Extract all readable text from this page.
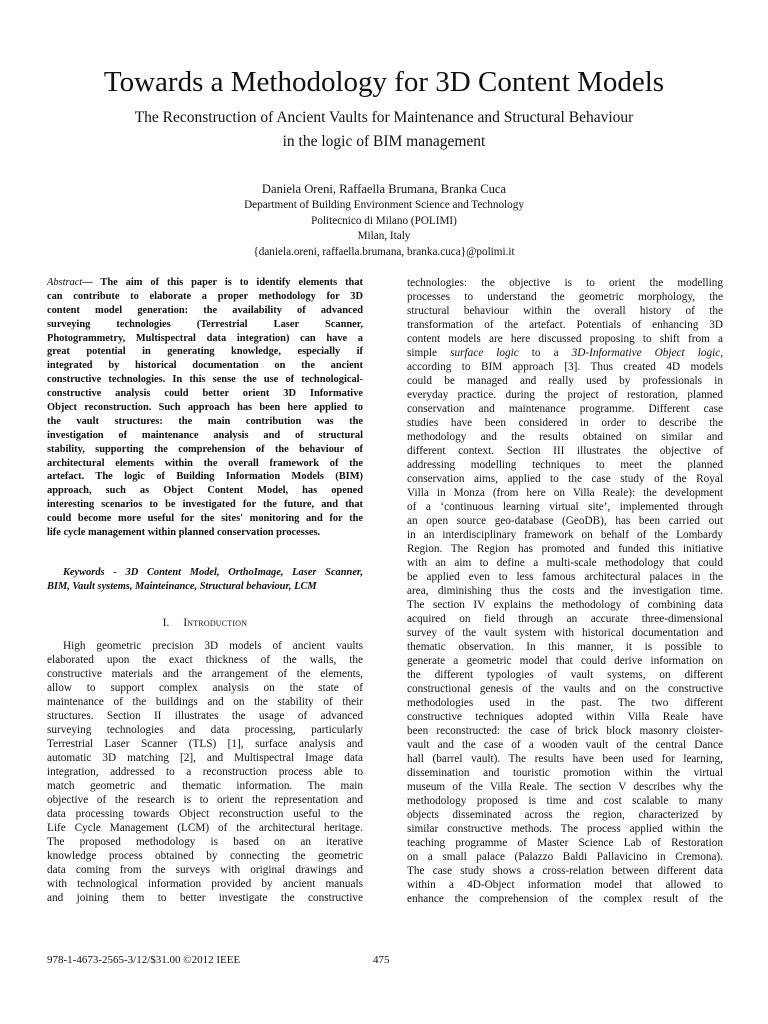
Towards a Methodology for 3D Content Models
The Reconstruction of Ancient Vaults for Maintenance and Structural Behaviour
in the logic of BIM management
Daniela Oreni, Raffaella Brumana, Branka Cuca
Department of Building Environment Science and Technology
Politecnico di Milano (POLIMI)
Milan, Italy
{daniela.oreni, raffaella.brumana, branka.cuca}@polimi.it
Abstract— The aim of this paper is to identify elements that
can contribute to elaborate a proper methodology for 3D
content model generation: the availability of advanced
surveying technologies (Terrestrial Laser Scanner,
Photogrammetry, Multispectral data integration) can have a
great potential in generating knowledge, especially if
integrated by historical documentation on the ancient
constructive technologies. In this sense the use of technological-
constructive analysis could better orient 3D Informative
Object reconstruction. Such approach has been here applied to
the vault structures: the main contribution was the
investigation of maintenance analysis and of structural
stability, supporting the comprehension of the behaviour of
architectural elements within the overall framework of the
artefact. The logic of Building Information Models (BIM)
approach, such as Object Content Model, has opened
interesting scenarios to be investigated for the future, and that
could become more useful for the sites' monitoring and for the
life cycle management within planned conservation processes.
Keywords - 3D Content Model, OrthoImage, Laser Scanner,
BIM, Vault systems, Mainteinance, Structural behaviour, LCM
I. Introduction
High geometric precision 3D models of ancient vaults
elaborated upon the exact thickness of the walls, the
constructive materials and the arrangement of the elements,
allow to support complex analysis on the state of
maintenance of the buildings and on the stability of their
structures. Section II illustrates the usage of advanced
surveying technologies and data processing, particularly
Terrestrial Laser Scanner (TLS) [1], surface analysis and
automatic 3D matching [2], and Multispectral Image data
integration, addressed to a reconstruction process able to
match geometric and thematic information. The main
objective of the research is to orient the representation and
data processing towards Object reconstruction useful to the
Life Cycle Management (LCM) of the architectural heritage.
The proposed methodology is based on an iterative
knowledge process obtained by connecting the geometric
data coming from the surveys with original drawings and
with technological information provided by ancient manuals
and joining them to better investigate the constructive
technologies: the objective is to orient the modelling
processes to understand the geometric morphology, the
structural behaviour within the overall history of the
transformation of the artefact. Potentials of enhancing 3D
content models are here discussed proposing to shift from a
simple surface logic to a 3D-Informative Object logic,
according to BIM approach [3]. Thus created 4D models
could be managed and really used by professionals in
everyday practice. during the project of restoration, planned
conservation and maintenance programme. Different case
studies have been considered in order to describe the
methodology and the results obtained on similar and
different context. Section III illustrates the objective of
addressing modelling techniques to meet the planned
conservation aims, applied to the case study of the Royal
Villa in Monza (from here on Villa Reale): the development
of a ‘continuous learning virtual site’, implemented through
an open source geo-database (GeoDB), has been carried out
in an interdisciplinary framework on behalf of the Lombardy
Region. The Region has promoted and funded this initiative
with an aim to define a multi-scale methodology that could
be applied even to less famous architectural palaces in the
area, diminishing thus the costs and the investigation time.
The section IV explains the methodology of combining data
acquired on field through an accurate three-dimensional
survey of the vault system with historical documentation and
thematic observation. In this manner, it is possible to
generate a geometric model that could derive information on
the different typologies of vault systems, on different
constructional genesis of the vaults and on the constructive
methodologies used in the past. The two different
constructive techniques adopted within Villa Reale have
been reconstructed: the case of brick block masonry cloister-
vault and the case of a wooden vault of the central Dance
hall (barrel vault). The results have been used for learning,
dissemination and touristic promotion within the virtual
museum of the Villa Reale. The section V describes why the
methodology proposed is time and cost scalable to many
objects disseminated across the region, characterized by
similar constructive methods. The process applied within the
teaching programme of Master Science Lab of Restoration
on a small palace (Palazzo Baldi Pallavicino in Cremona).
The case study shows a cross-relation between different data
within a 4D-Object information model that allowed to
enhance the comprehension of the complex result of the
978-1-4673-2565-3/12/$31.00 ©2012 IEEE	475
